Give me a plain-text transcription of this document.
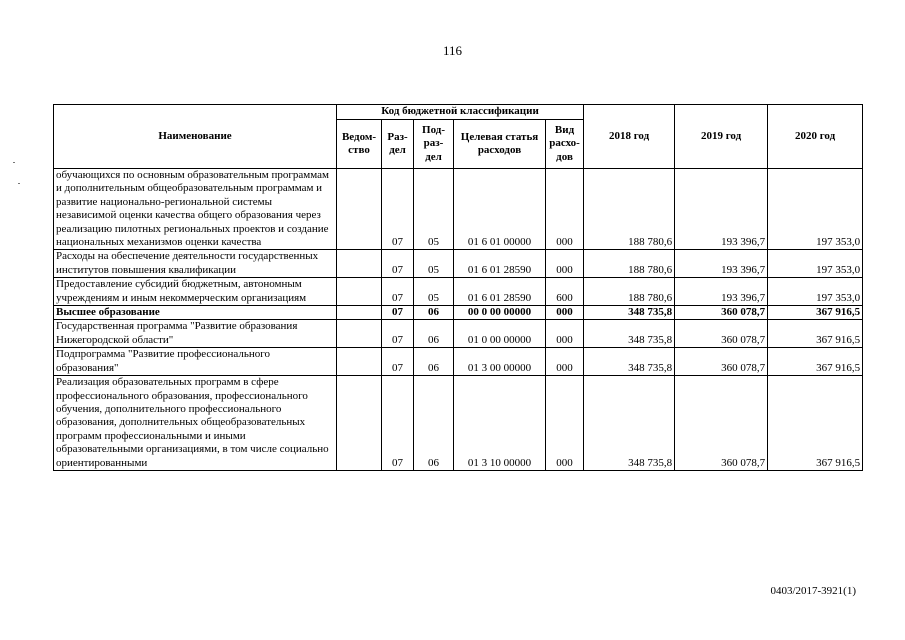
116
Наименование	Код бюджетной классификации					2018 год	2019 год	2020 год
	Ведом-ство	Раз-дел	Под-раз-дел	Целевая статья расходов	Вид расхо-дов			
обучающихся по основным образовательным программам и дополнительным общеобразовательным программам и развитие национально-региональной системы независимой оценки качества общего образования через реализацию пилотных региональных проектов и создание национальных механизмов оценки качества		07	05	01 6 01 00000	000	188 780,6	193 396,7	197 353,0
Расходы на обеспечение деятельности государственных институтов повышения квалификации		07	05	01 6 01 28590	000	188 780,6	193 396,7	197 353,0
Предоставление субсидий бюджетным, автономным учреждениям и иным некоммерческим организациям		07	05	01 6 01 28590	600	188 780,6	193 396,7	197 353,0
Высшее образование		07	06	00 0 00 00000	000	348 735,8	360 078,7	367 916,5
Государственная программа "Развитие образования Нижегородской области"		07	06	01 0 00 00000	000	348 735,8	360 078,7	367 916,5
Подпрограмма "Развитие профессионального образования"		07	06	01 3 00 00000	000	348 735,8	360 078,7	367 916,5
Реализация образовательных программ в сфере профессионального образования, профессионального обучения, дополнительного профессионального образования, дополнительных общеобразовательных программ профессиональными и иными образовательными организациями, в том числе социально ориентированными		07	06	01 3 10 00000	000	348 735,8	360 078,7	367 916,5
0403/2017-3921(1)
